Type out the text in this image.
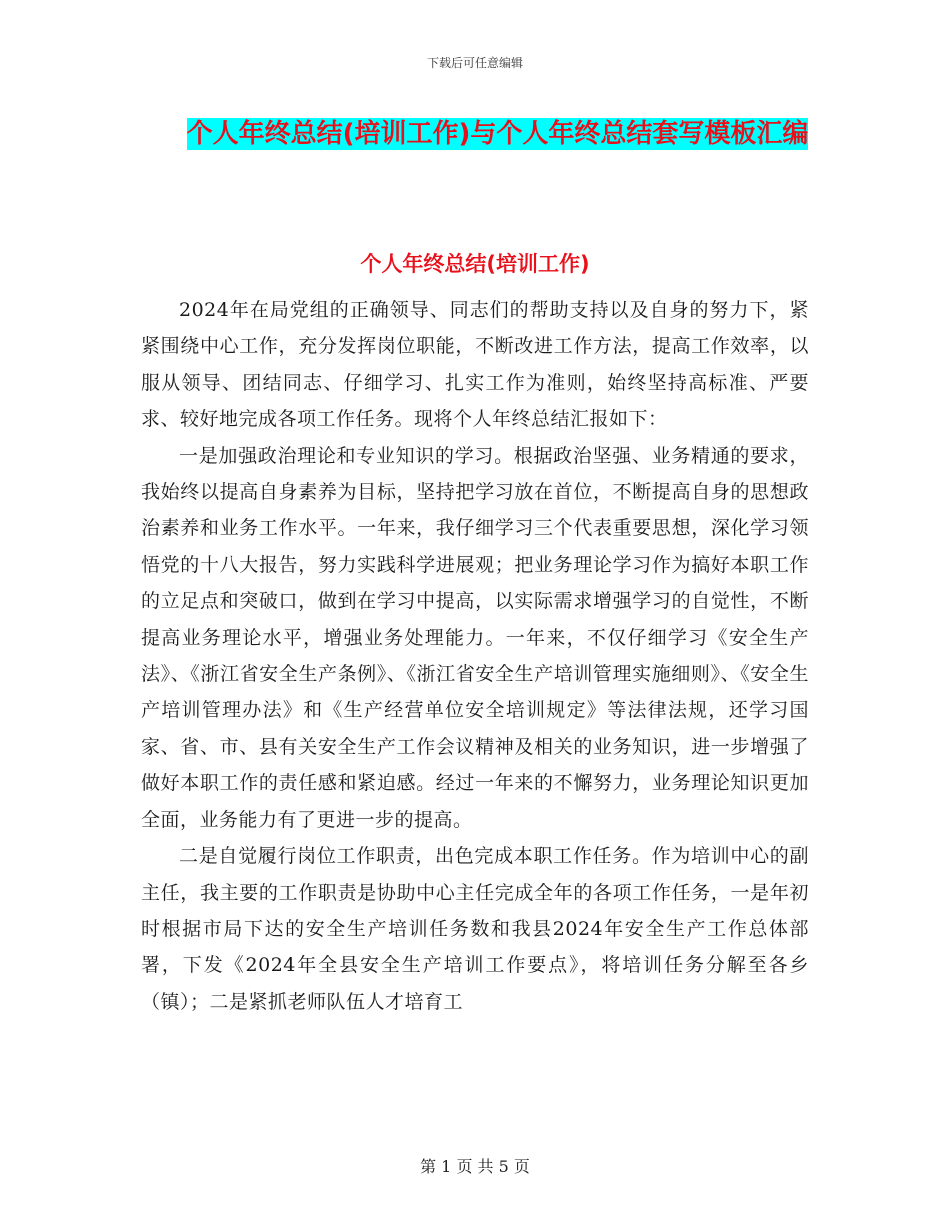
下载后可任意编辑
个人年终总结(培训工作)与个人年终总结套写模板汇编
个人年终总结(培训工作)

2024年在局党组的正确领导、同志们的帮助支持以及自身的努力下，紧紧围绕中心工作，充分发挥岗位职能，不断改进工作方法，提高工作效率，以服从领导、团结同志、仔细学习、扎实工作为准则，始终坚持高标准、严要求、较好地完成各项工作任务。现将个人年终总结汇报如下：

一是加强政治理论和专业知识的学习。根据政治坚强、业务精通的要求，我始终以提高自身素养为目标，坚持把学习放在首位，不断提高自身的思想政治素养和业务工作水平。一年来，我仔细学习三个代表重要思想，深化学习领悟党的十八大报告，努力实践科学进展观；把业务理论学习作为搞好本职工作的立足点和突破口，做到在学习中提高，以实际需求增强学习的自觉性，不断提高业务理论水平，增强业务处理能力。一年来，不仅仔细学习《安全生产法》、《浙江省安全生产条例》、《浙江省安全生产培训管理实施细则》、《安全生产培训管理办法》和《生产经营单位安全培训规定》等法律法规，还学习国家、省、市、县有关安全生产工作会议精神及相关的业务知识，进一步增强了做好本职工作的责任感和紧迫感。经过一年来的不懈努力，业务理论知识更加全面，业务能力有了更进一步的提高。

二是自觉履行岗位工作职责，出色完成本职工作任务。作为培训中心的副主任，我主要的工作职责是协助中心主任完成全年的各项工作任务，一是年初时根据市局下达的安全生产培训任务数和我县2024年安全生产工作总体部署，下发《2024年全县安全生产培训工作要点》，将培训任务分解至各乡（镇）；二是紧抓老师队伍人才培育工

第 1 页 共 5 页
